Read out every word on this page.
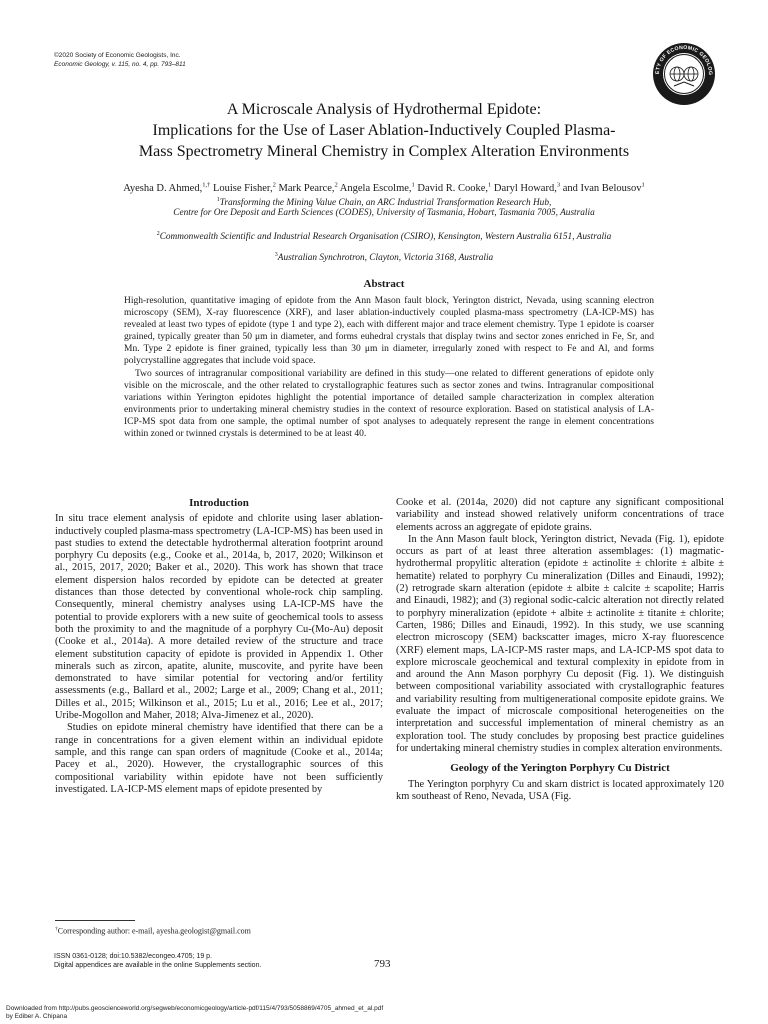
©2020 Society of Economic Geologists, Inc.
Economic Geology, v. 115, no. 4, pp. 793–811
ETY OF ECONOMIC GEOLOG
A Microscale Analysis of Hydrothermal Epidote:
Implications for the Use of Laser Ablation-Inductively Coupled Plasma-
Mass Spectrometry Mineral Chemistry in Complex Alteration Environments
Ayesha D. Ahmed,$^{1,\dagger}$ Louise Fisher,$^2$ Mark Pearce,$^2$ Angela Escolme,$^1$ David R. Cooke,$^1$ Daryl Howard,$^3$ and Ivan Belousov$^1$
$^1$Transforming the Mining Value Chain, an ARC Industrial Transformation Research Hub,
Centre for Ore Deposit and Earth Sciences (CODES), University of Tasmania, Hobart, Tasmania 7005, Australia
$^2$Commonwealth Scientific and Industrial Research Organisation (CSIRO), Kensington, Western Australia 6151, Australia
$^3$Australian Synchrotron, Clayton, Victoria 3168, Australia
Abstract

High-resolution, quantitative imaging of epidote from the Ann Mason fault block, Yerington district, Nevada, using scanning electron microscopy (SEM), X-ray fluorescence (XRF), and laser ablation-inductively coupled plasma-mass spectrometry (LA-ICP-MS) has revealed at least two types of epidote (type 1 and type 2), each with different major and trace element chemistry. Type 1 epidote is coarser grained, typically greater than 50 μm in diameter, and forms euhedral crystals that display twins and sector zones enriched in Fe, Sr, and Mn. Type 2 epidote is finer grained, typically less than 30 μm in diameter, irregularly zoned with respect to Fe and Al, and forms polycrystalline aggregates that include void space.

Two sources of intragranular compositional variability are defined in this study—one related to different generations of epidote only visible on the microscale, and the other related to crystallographic features such as sector zones and twins. Intragranular compositional variations within Yerington epidotes highlight the potential importance of detailed sample characterization in complex alteration environments prior to undertaking mineral chemistry studies in the context of resource exploration. Based on statistical analysis of LA-ICP-MS spot data from one sample, the optimal number of spot analyses to adequately represent the range in element concentrations within zoned or twinned crystals is determined to be at least 40.

Introduction

In situ trace element analysis of epidote and chlorite using laser ablation-inductively coupled plasma-mass spectrometry (LA-ICP-MS) has been used in past studies to extend the detectable hydrothermal alteration footprint around porphyry Cu deposits (e.g., Cooke et al., 2014a, b, 2017, 2020; Wilkinson et al., 2015, 2017, 2020; Baker et al., 2020). This work has shown that trace element dispersion halos recorded by epidote can be detected at greater distances than those detected by conventional whole-rock chip sampling. Consequently, mineral chemistry analyses using LA-ICP-MS have the potential to provide explorers with a new suite of geochemical tools to assess both the proximity to and the magnitude of a porphyry Cu-(Mo-Au) deposit (Cooke et al., 2014a). A more detailed review of the structure and trace element substitution capacity of epidote is provided in Appendix 1. Other minerals such as zircon, apatite, alunite, muscovite, and pyrite have been demonstrated to have similar potential for vectoring and/or fertility assessments (e.g., Ballard et al., 2002; Large et al., 2009; Chang et al., 2011; Dilles et al., 2015; Wilkinson et al., 2015; Lu et al., 2016; Lee et al., 2017; Uribe-Mogollon and Maher, 2018; Alva-Jimenez et al., 2020).

Studies on epidote mineral chemistry have identified that there can be a range in concentrations for a given element within an individual epidote sample, and this range can span orders of magnitude (Cooke et al., 2014a; Pacey et al., 2020). However, the crystallographic sources of this compositional variability within epidote have not been sufficiently investigated. LA-ICP-MS element maps of epidote presented by

Cooke et al. (2014a, 2020) did not capture any significant compositional variability and instead showed relatively uniform concentrations of trace elements across an aggregate of epidote grains.

In the Ann Mason fault block, Yerington district, Nevada (Fig. 1), epidote occurs as part of at least three alteration assemblages: (1) magmatic-hydrothermal propylitic alteration (epidote ± actinolite ± chlorite ± albite ± hematite) related to porphyry Cu mineralization (Dilles and Einaudi, 1992); (2) retrograde skarn alteration (epidote ± albite ± calcite ± scapolite; Harris and Einaudi, 1982); and (3) regional sodic-calcic alteration not directly related to porphyry mineralization (epidote + albite ± actinolite ± titanite ± chlorite; Carten, 1986; Dilles and Einaudi, 1992). In this study, we use scanning electron microscopy (SEM) backscatter images, micro X-ray fluorescence (XRF) element maps, LA-ICP-MS raster maps, and LA-ICP-MS spot data to explore microscale geochemical and textural complexity in epidote from in and around the Ann Mason porphyry Cu deposit (Fig. 1). We distinguish between compositional variability associated with crystallographic features and variability resulting from multigenerational composite epidote grains. We evaluate the impact of microscale compositional heterogeneities on the interpretation and successful implementation of mineral chemistry as an exploration tool. The study concludes by proposing best practice guidelines for undertaking mineral chemistry studies in complex alteration environments.

Geology of the Yerington Porphyry Cu District

The Yerington porphyry Cu and skarn district is located approximately 120 km southeast of Reno, Nevada, USA (Fig.

†Corresponding author: e-mail, ayesha.geologist@gmail.com
ISSN 0361-0128; doi:10.5382/econgeo.4705; 19 p.
Digital appendices are available in the online Supplements section.	793
Downloaded from http://pubs.geoscienceworld.org/segweb/economicgeology/article-pdf/115/4/793/5058869/4705_ahmed_et_al.pdf
by Ediber A. Chipana
